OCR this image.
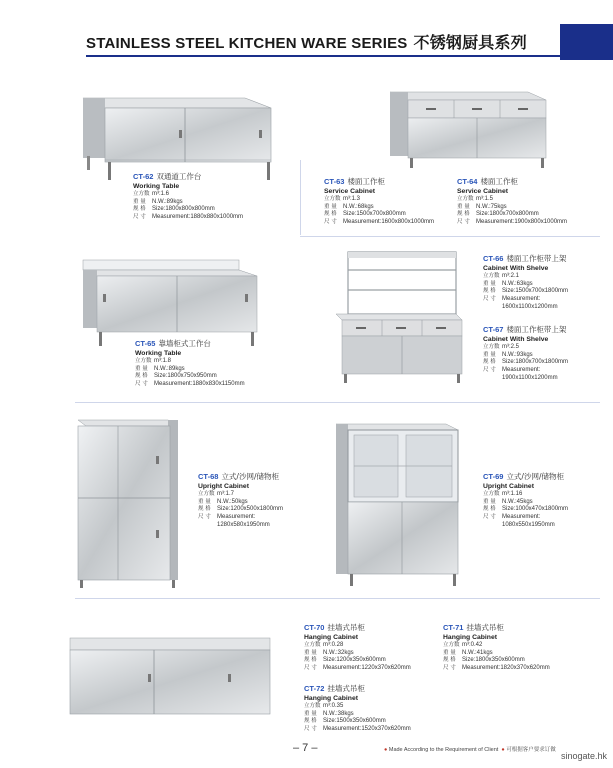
STAINLESS STEEL KITCHEN WARE SERIES 不锈钢厨具系列
CT-62 双通道工作台
Working Table
立方数 m³:1.6
重 量 N.W.:89kgs
规 格 Size:1800x800x800mm
尺 寸 Measurement:1880x880x1000mm
CT-63 楼面工作柜
Service Cabinet
立方数 m³:1.3
重 量 N.W.:68kgs
规 格 Size:1500x700x800mm
尺 寸 Measurement:1600x800x1000mm
CT-64 楼面工作柜
Service Cabinet
立方数 m³:1.5
重 量 N.W.:75kgs
规 格 Size:1800x700x800mm
尺 寸 Measurement:1900x800x1000mm
CT-65 靠墙柜式工作台
Working Table
立方数 m³:1.8
重 量 N.W.:89kgs
规 格 Size:1800x750x950mm
尺 寸 Measurement:1880x830x1150mm
CT-66 楼面工作柜带上架
Cabinet With Shelve
立方数 m³:2.1
重 量 N.W.:63kgs
规 格 Size:1500x700x1800mm
尺 寸 Measurement:
1600x1100x1200mm
CT-67 楼面工作柜带上架
Cabinet With Shelve
立方数 m³:2.5
重 量 N.W.:93kgs
规 格 Size:1800x700x1800mm
尺 寸 Measurement:
1900x1100x1200mm
CT-68 立式/沙网/储物柜
Upright Cabinet
立方数 m³:1.7
重 量 N.W.:50kgs
规 格 Size:1200x500x1800mm
尺 寸 Measurement:
1280x580x1950mm
CT-69 立式/沙网/储物柜
Upright Cabinet
立方数 m³:1.16
重 量 N.W.:45kgs
规 格 Size:1000x470x1800mm
尺 寸 Measurement:
1080x550x1950mm
CT-70 挂墙式吊柜
Hanging Cabinet
立方数 m³:0.28
重 量 N.W.:32kgs
规 格 Size:1200x350x600mm
尺 寸 Measurement:1220x370x620mm
CT-71 挂墙式吊柜
Hanging Cabinet
立方数 m³:0.42
重 量 N.W.:41kgs
规 格 Size:1800x350x600mm
尺 寸 Measurement:1820x370x620mm
CT-72 挂墙式吊柜
Hanging Cabinet
立方数 m³:0.35
重 量 N.W.:38kgs
规 格 Size:1500x350x600mm
尺 寸 Measurement:1520x370x620mm
– 7 –	● Made According to the Requirement of Client ● 可根据客户要求订做
sinogate.hk
